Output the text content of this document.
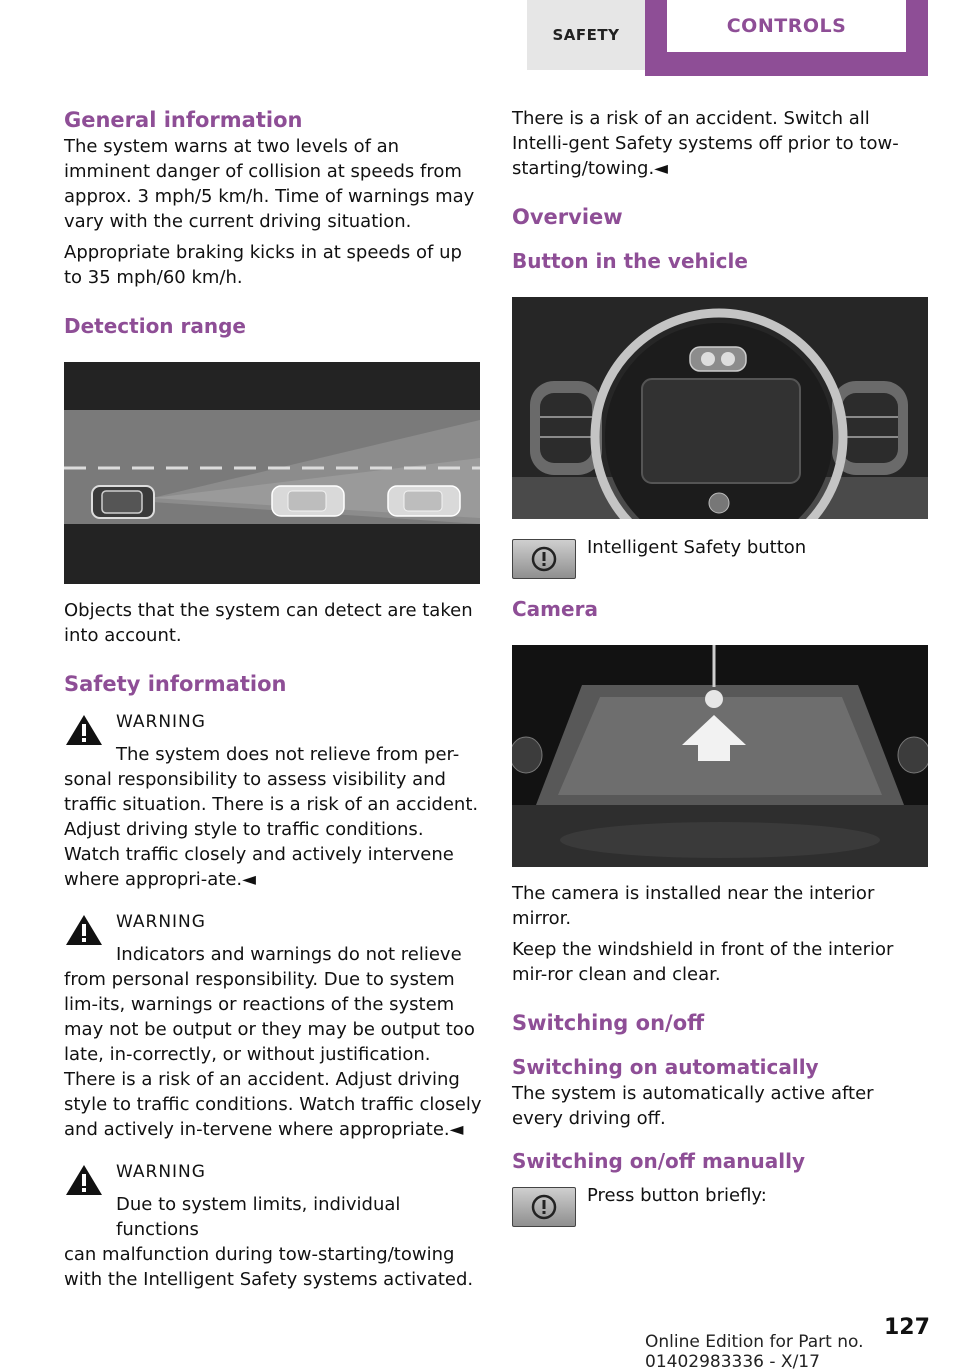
SAFETY	CONTROLS
General information

The system warns at two levels of an imminent danger of collision at speeds from approx. 3 mph/5 km/h. Time of warnings may vary with the current driving situation.

Appropriate braking kicks in at speeds of up to 35 mph/60 km/h.

Detection range

Objects that the system can detect are taken into account.

Safety information
WARNING
The system does not relieve from per-

sonal responsibility to assess visibility and traffic situation. There is a risk of an accident. Adjust driving style to traffic conditions. Watch traffic closely and actively intervene where appropri-ate.◄

WARNING
Indicators and warnings do not relieve

from personal responsibility. Due to system lim-its, warnings or reactions of the system may not be output or they may be output too late, in-correctly, or without justification. There is a risk of an accident. Adjust driving style to traffic conditions. Watch traffic closely and actively in-tervene where appropriate.◄

WARNING
Due to system limits, individual functions

can malfunction during tow-starting/towing with the Intelligent Safety systems activated.

There is a risk of an accident. Switch all Intelli-gent Safety systems off prior to tow-starting/towing.◄

Overview
Button in the vehicle

Intelligent Safety button

Camera

The camera is installed near the interior mirror.

Keep the windshield in front of the interior mir-ror clean and clear.

Switching on/off
Switching on automatically

The system is automatically active after every driving off.

Switching on/off manually

Press button briefly:

127
Online Edition for Part no. 01402983336 - X/17
